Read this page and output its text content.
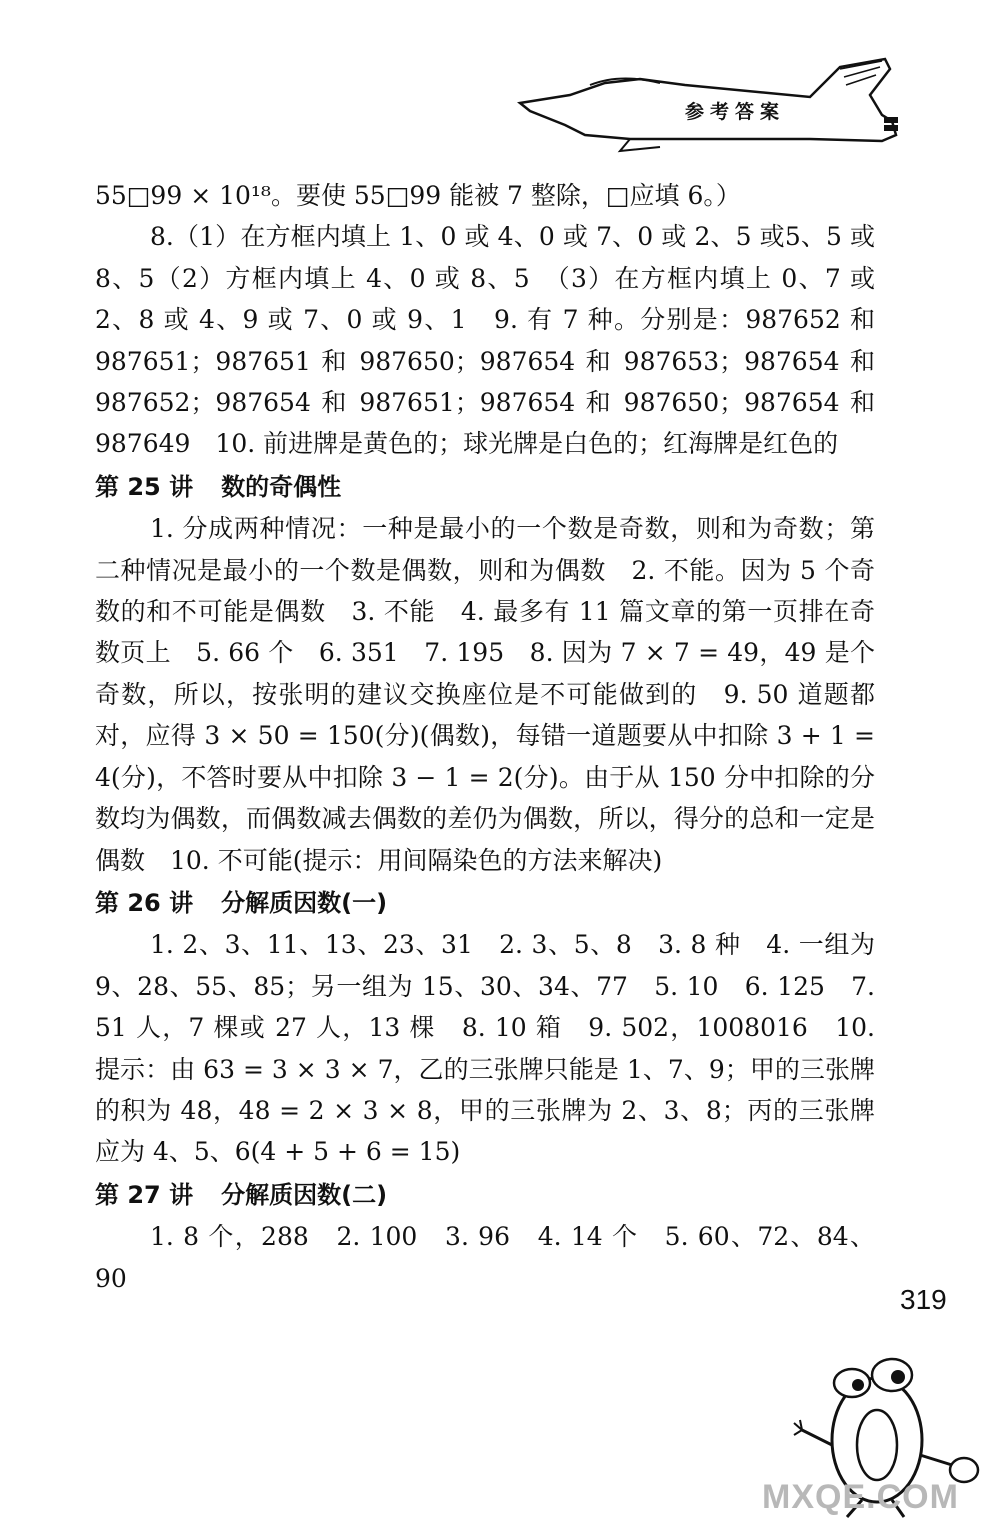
参考答案

55□99 × 10¹⁸。要使 55□99 能被 7 整除，□应填 6。）

8.（1）在方框内填上 1、0 或 4、0 或 7、0 或 2、5 或5、5 或8、5（2）方框内填上 4、0 或 8、5　（3）在方框内填上 0、7 或 2、8 或 4、9 或 7、0 或 9、1　9. 有 7 种。分别是：987652 和 987651；987651 和 987650；987654 和 987653；987654 和 987652；987654 和 987651；987654 和 987650；987654 和 987649　10. 前进牌是黄色的；球光牌是白色的；红海牌是红色的

第 25 讲 数的奇偶性

1. 分成两种情况：一种是最小的一个数是奇数，则和为奇数；第二种情况是最小的一个数是偶数，则和为偶数　2. 不能。因为 5 个奇数的和不可能是偶数　3. 不能　4. 最多有 11 篇文章的第一页排在奇数页上　5. 66 个　6. 351　7. 195　8. 因为 7 × 7 = 49，49 是个奇数，所以，按张明的建议交换座位是不可能做到的　9. 50 道题都对，应得 3 × 50 = 150(分)(偶数)，每错一道题要从中扣除 3 + 1 = 4(分)，不答时要从中扣除 3 − 1 = 2(分)。由于从 150 分中扣除的分数均为偶数，而偶数减去偶数的差仍为偶数，所以，得分的总和一定是偶数　10. 不可能(提示：用间隔染色的方法来解决)

第 26 讲 分解质因数(一)

1. 2、3、11、13、23、31　2. 3、5、8　3. 8 种　4. 一组为 9、28、55、85；另一组为 15、30、34、77　5. 10　6. 125　7. 51 人，7 棵或 27 人，13 棵　8. 10 箱　9. 502，1008016　10. 提示：由 63 = 3 × 3 × 7，乙的三张牌只能是 1、7、9；甲的三张牌的积为 48，48 = 2 × 3 × 8，甲的三张牌为 2、3、8；丙的三张牌应为 4、5、6(4 + 5 + 6 = 15)

第 27 讲 分解质因数(二)

1. 8 个，288　2. 100　3. 96　4. 14 个　5. 60、72、84、90

319
MXQE.COM
